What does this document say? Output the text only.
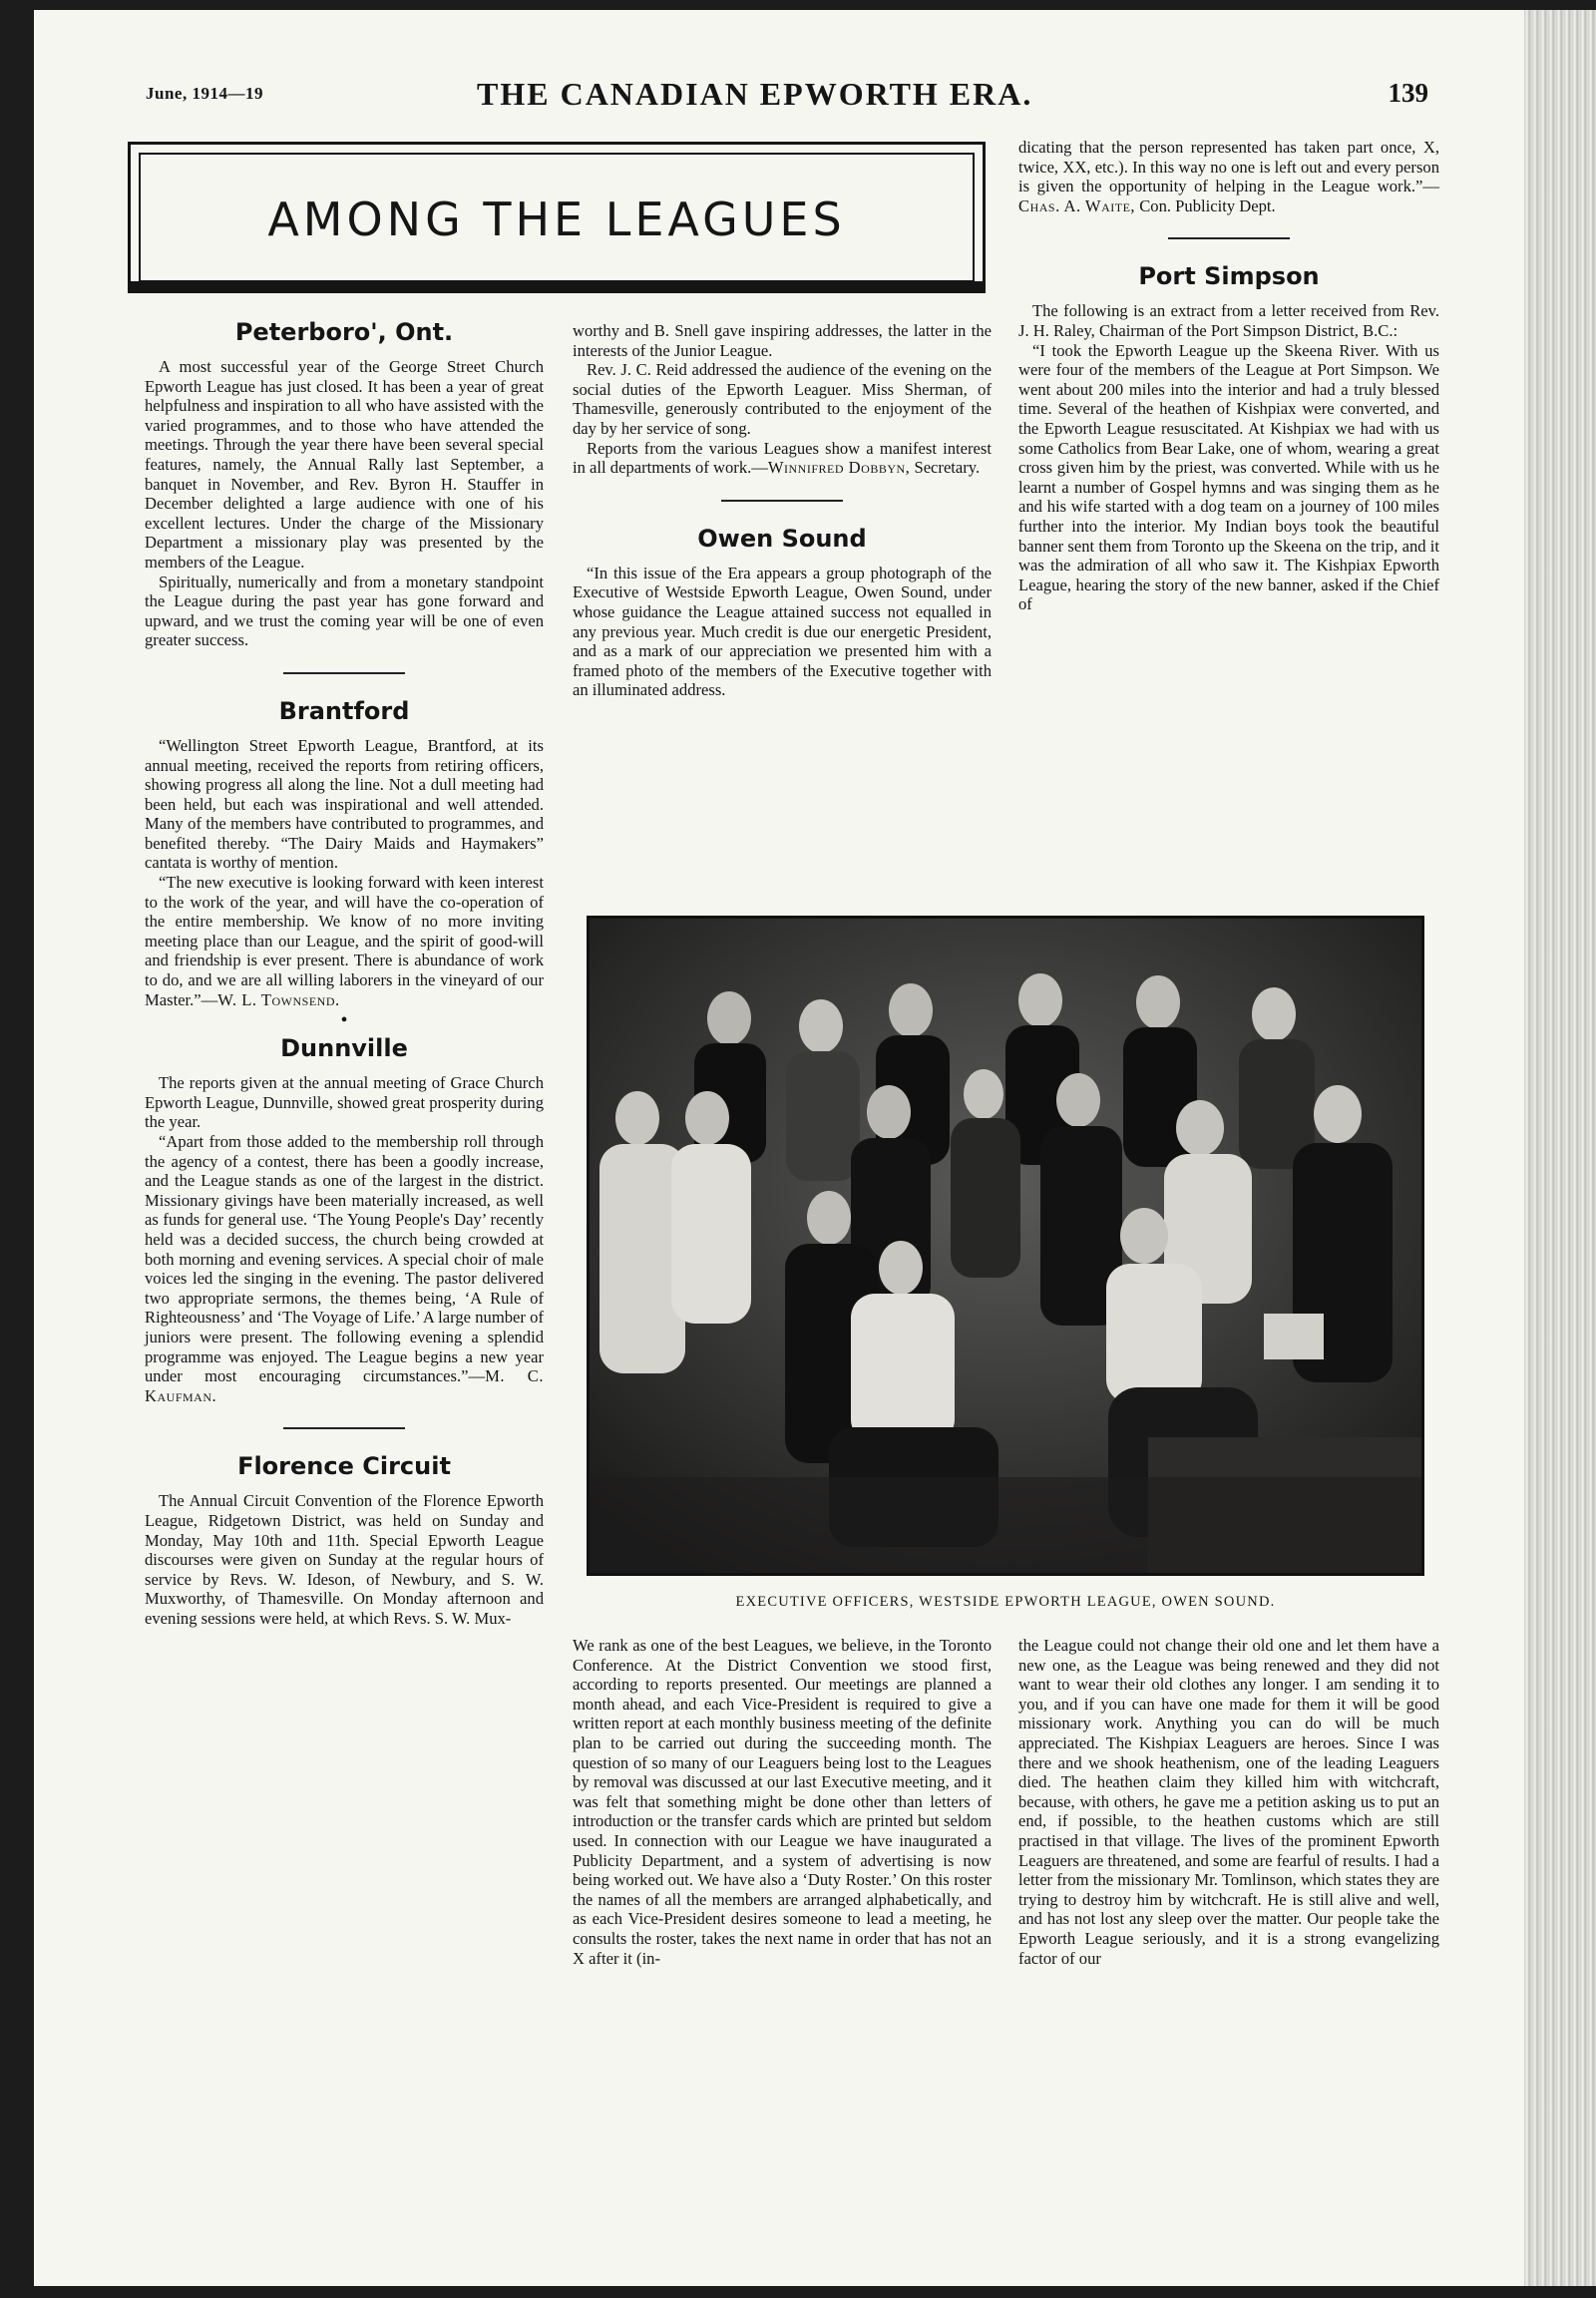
June, 1914—19	THE CANADIAN EPWORTH ERA.	139
AMONG THE LEAGUES
Peterboro', Ont.

A most successful year of the George Street Church Epworth League has just closed. It has been a year of great helpfulness and inspiration to all who have assisted with the varied programmes, and to those who have attended the meetings. Through the year there have been several special features, namely, the Annual Rally last September, a banquet in November, and Rev. Byron H. Stauffer in December delighted a large audience with one of his excellent lectures. Under the charge of the Missionary Department a missionary play was presented by the members of the League.

Spiritually, numerically and from a monetary standpoint the League during the past year has gone forward and upward, and we trust the coming year will be one of even greater success.

Brantford

“Wellington Street Epworth League, Brantford, at its annual meeting, received the reports from retiring officers, showing progress all along the line. Not a dull meeting had been held, but each was inspirational and well attended. Many of the members have contributed to programmes, and benefited thereby. “The Dairy Maids and Haymakers” cantata is worthy of mention.

“The new executive is looking forward with keen interest to the work of the year, and will have the co-operation of the entire membership. We know of no more inviting meeting place than our League, and the spirit of good-will and friendship is ever present. There is abundance of work to do, and we are all willing laborers in the vineyard of our Master.”—W. L. Townsend.

•
Dunnville

The reports given at the annual meeting of Grace Church Epworth League, Dunnville, showed great prosperity during the year.

“Apart from those added to the membership roll through the agency of a contest, there has been a goodly increase, and the League stands as one of the largest in the district. Missionary givings have been materially increased, as well as funds for general use. ‘The Young People's Day’ recently held was a decided success, the church being crowded at both morning and evening services. A special choir of male voices led the singing in the evening. The pastor delivered two appropriate sermons, the themes being, ‘A Rule of Righteousness’ and ‘The Voyage of Life.’ A large number of juniors were present. The following evening a splendid programme was enjoyed. The League begins a new year under most encouraging circumstances.”—M. C. Kaufman.

Florence Circuit

The Annual Circuit Convention of the Florence Epworth League, Ridgetown District, was held on Sunday and Monday, May 10th and 11th. Special Epworth League discourses were given on Sunday at the regular hours of service by Revs. W. Ideson, of Newbury, and S. W. Muxworthy, of Thamesville. On Monday afternoon and evening sessions were held, at which Revs. S. W. Mux-

worthy and B. Snell gave inspiring addresses, the latter in the interests of the Junior League.

Rev. J. C. Reid addressed the audience of the evening on the social duties of the Epworth Leaguer. Miss Sherman, of Thamesville, generously contributed to the enjoyment of the day by her service of song.

Reports from the various Leagues show a manifest interest in all departments of work.—Winnifred Dobbyn, Secretary.

Owen Sound

“In this issue of the Era appears a group photograph of the Executive of Westside Epworth League, Owen Sound, under whose guidance the League attained success not equalled in any previous year. Much credit is due our energetic President, and as a mark of our appreciation we presented him with a framed photo of the members of the Executive together with an illuminated address.

dicating that the person represented has taken part once, X, twice, XX, etc.). In this way no one is left out and every person is given the opportunity of helping in the League work.”—Chas. A. Waite, Con. Publicity Dept.

Port Simpson

The following is an extract from a letter received from Rev. J. H. Raley, Chairman of the Port Simpson District, B.C.:

“I took the Epworth League up the Skeena River. With us were four of the members of the League at Port Simpson. We went about 200 miles into the interior and had a truly blessed time. Several of the heathen of Kishpiax were converted, and the Epworth League resuscitated. At Kishpiax we had with us some Catholics from Bear Lake, one of whom, wearing a great cross given him by the priest, was converted. While with us he learnt a number of Gospel hymns and was singing them as he and his wife started with a dog team on a journey of 100 miles further into the interior. My Indian boys took the beautiful banner sent them from Toronto up the Skeena on the trip, and it was the admiration of all who saw it. The Kishpiax Epworth League, hearing the story of the new banner, asked if the Chief of

EXECUTIVE OFFICERS, WESTSIDE EPWORTH LEAGUE, OWEN SOUND.

We rank as one of the best Leagues, we believe, in the Toronto Conference. At the District Convention we stood first, according to reports presented. Our meetings are planned a month ahead, and each Vice-President is required to give a written report at each monthly business meeting of the definite plan to be carried out during the succeeding month. The question of so many of our Leaguers being lost to the Leagues by removal was discussed at our last Executive meeting, and it was felt that something might be done other than letters of introduction or the transfer cards which are printed but seldom used. In connection with our League we have inaugurated a Publicity Department, and a system of advertising is now being worked out. We have also a ‘Duty Roster.’ On this roster the names of all the members are arranged alphabetically, and as each Vice-President desires someone to lead a meeting, he consults the roster, takes the next name in order that has not an X after it (in-

the League could not change their old one and let them have a new one, as the League was being renewed and they did not want to wear their old clothes any longer. I am sending it to you, and if you can have one made for them it will be good missionary work. Anything you can do will be much appreciated. The Kishpiax Leaguers are heroes. Since I was there and we shook heathenism, one of the leading Leaguers died. The heathen claim they killed him with witchcraft, because, with others, he gave me a petition asking us to put an end, if possible, to the heathen customs which are still practised in that village. The lives of the prominent Epworth Leaguers are threatened, and some are fearful of results. I had a letter from the missionary Mr. Tomlinson, which states they are trying to destroy him by witchcraft. He is still alive and well, and has not lost any sleep over the matter. Our people take the Epworth League seriously, and it is a strong evangelizing factor of our
